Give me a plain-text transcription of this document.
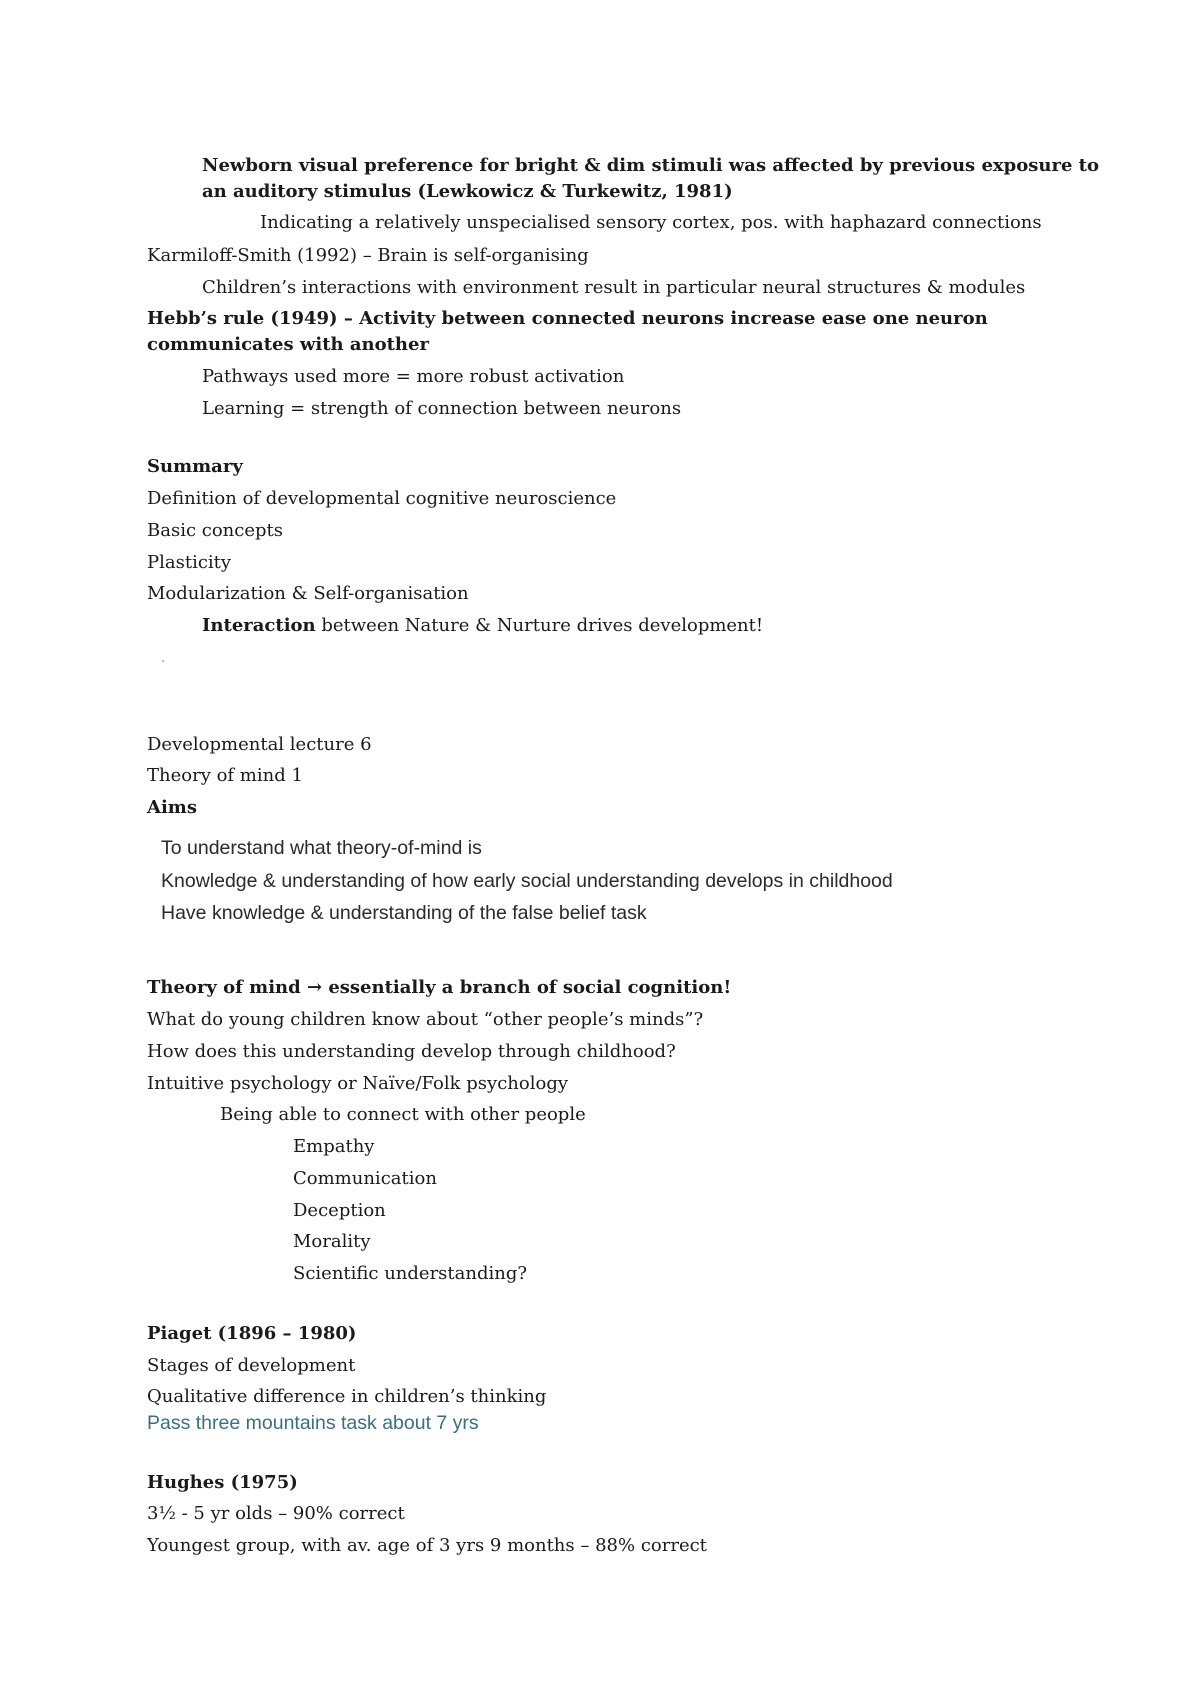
Newborn visual preference for bright & dim stimuli was affected by previous exposure to
an auditory stimulus (Lewkowicz & Turkewitz, 1981)
Indicating a relatively unspecialised sensory cortex, pos. with haphazard connections
Karmiloff-Smith (1992) – Brain is self-organising
Children’s interactions with environment result in particular neural structures & modules
Hebb’s rule (1949) – Activity between connected neurons increase ease one neuron
communicates with another
Pathways used more = more robust activation
Learning = strength of connection between neurons
Summary
Definition of developmental cognitive neuroscience
Basic concepts
Plasticity
Modularization & Self-organisation
Interaction between Nature & Nurture drives development!
Developmental lecture 6
Theory of mind 1
Aims
To understand what theory-of-mind is
Knowledge & understanding of how early social understanding develops in childhood
Have knowledge & understanding of the false belief task
Theory of mind → essentially a branch of social cognition!
What do young children know about “other people’s minds”?
How does this understanding develop through childhood?
Intuitive psychology or Naïve/Folk psychology
Being able to connect with other people
Empathy
Communication
Deception
Morality
Scientific understanding?
Piaget (1896 – 1980)
Stages of development
Qualitative difference in children’s thinking
Pass three mountains task about 7 yrs
Hughes (1975)
3½ - 5 yr olds – 90% correct
Youngest group, with av. age of 3 yrs 9 months – 88% correct
